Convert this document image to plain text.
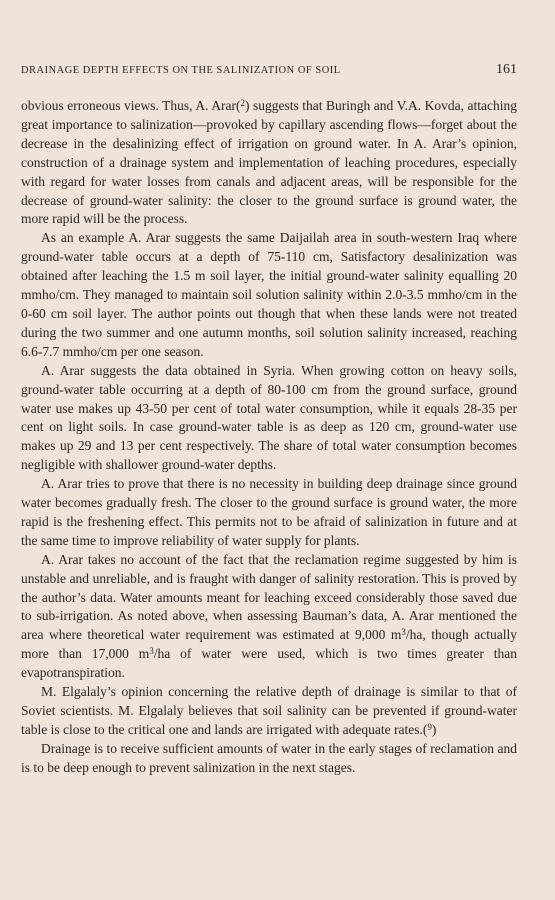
DRAINAGE DEPTH EFFECTS ON THE SALINIZATION OF SOIL	161

obvious erroneous views. Thus, A. Arar($^2$) suggests that Buringh and V.A. Kovda, attaching great importance to salinization—provoked by capillary ascending flows—forget about the decrease in the desalinizing effect of irrigation on ground water. In A. Arar’s opinion, construction of a drainage system and implementation of leaching procedures, especially with regard for water losses from canals and adjacent areas, will be responsible for the decrease of ground-water salinity: the closer to the ground surface is ground water, the more rapid will be the process.

As an example A. Arar suggests the same Daijailah area in south-western Iraq where ground-water table occurs at a depth of 75-110 cm, Satisfactory desalinization was obtained after leaching the 1.5 m soil layer, the initial ground-water salinity equalling 20 mmho/cm. They managed to maintain soil solution salinity within 2.0-3.5 mmho/cm in the 0-60 cm soil layer. The author points out though that when these lands were not treated during the two summer and one autumn months, soil solution salinity increased, reaching 6.6-7.7 mmho/cm per one season.

A. Arar suggests the data obtained in Syria. When growing cotton on heavy soils, ground-water table occurring at a depth of 80-100 cm from the ground surface, ground water use makes up 43-50 per cent of total water consumption, while it equals 28-35 per cent on light soils. In case ground-water table is as deep as 120 cm, ground-water use makes up 29 and 13 per cent respectively. The share of total water consumption becomes negligible with shallower ground-water depths.

A. Arar tries to prove that there is no necessity in building deep drainage since ground water becomes gradually fresh. The closer to the ground surface is ground water, the more rapid is the freshening effect. This permits not to be afraid of salinization in future and at the same time to improve reliability of water supply for plants.

A. Arar takes no account of the fact that the reclamation regime suggested by him is unstable and unreliable, and is fraught with danger of salinity restoration. This is proved by the author’s data. Water amounts meant for leaching exceed considerably those saved due to sub-irrigation. As noted above, when assessing Bauman’s data, A. Arar mentioned the area where theoretical water requirement was estimated at 9,000 $m^3/ha$, though actually more than 17,000 $m^3/ha$ of water were used, which is two times greater than evapotranspiration.

M. Elgalaly’s opinion concerning the relative depth of drainage is similar to that of Soviet scientists. M. Elgalaly believes that soil salinity can be prevented if ground-water table is close to the critical one and lands are irrigated with adequate rates.($^9$)

Drainage is to receive sufficient amounts of water in the early stages of reclamation and is to be deep enough to prevent salinization in the next stages.
